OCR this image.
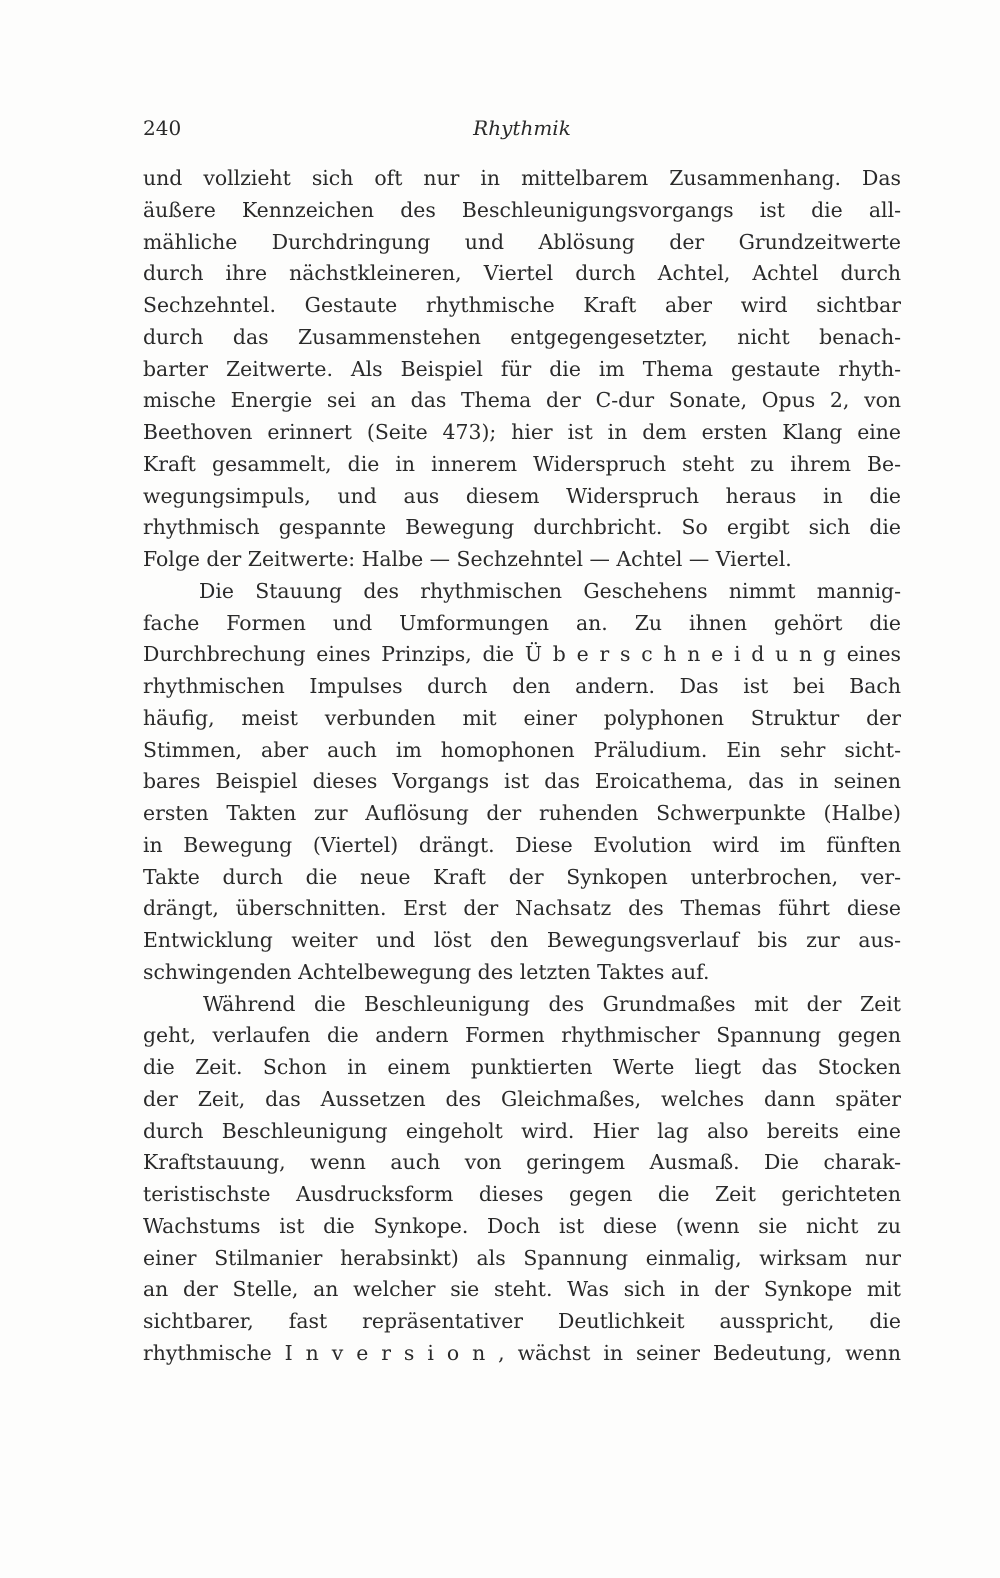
240	Rhythmik
und vollzieht sich oft nur in mittelbarem Zusammenhang. Das
äußere Kennzeichen des Beschleunigungsvorgangs ist die all-
mähliche Durchdringung und Ablösung der Grundzeitwerte
durch ihre nächstkleineren, Viertel durch Achtel, Achtel durch
Sechzehntel. Gestaute rhythmische Kraft aber wird sichtbar
durch das Zusammenstehen entgegengesetzter, nicht benach-
barter Zeitwerte. Als Beispiel für die im Thema gestaute rhyth-
mische Energie sei an das Thema der C-dur Sonate, Opus 2, von
Beethoven erinnert (Seite 473); hier ist in dem ersten Klang eine
Kraft gesammelt, die in innerem Widerspruch steht zu ihrem Be-
wegungsimpuls, und aus diesem Widerspruch heraus in die
rhythmisch gespannte Bewegung durchbricht. So ergibt sich die
Folge der Zeitwerte: Halbe — Sechzehntel — Achtel — Viertel.
Die Stauung des rhythmischen Geschehens nimmt mannig-
fache Formen und Umformungen an. Zu ihnen gehört die
Durchbrechung eines Prinzips, die Ü b e r s c h n e i d u n g eines
rhythmischen Impulses durch den andern. Das ist bei Bach
häufig, meist verbunden mit einer polyphonen Struktur der
Stimmen, aber auch im homophonen Präludium. Ein sehr sicht-
bares Beispiel dieses Vorgangs ist das Eroicathema, das in seinen
ersten Takten zur Auflösung der ruhenden Schwerpunkte (Halbe)
in Bewegung (Viertel) drängt. Diese Evolution wird im fünften
Takte durch die neue Kraft der Synkopen unterbrochen, ver-
drängt, überschnitten. Erst der Nachsatz des Themas führt diese
Entwicklung weiter und löst den Bewegungsverlauf bis zur aus-
schwingenden Achtelbewegung des letzten Taktes auf.
Während die Beschleunigung des Grundmaßes mit der Zeit
geht, verlaufen die andern Formen rhythmischer Spannung gegen
die Zeit. Schon in einem punktierten Werte liegt das Stocken
der Zeit, das Aussetzen des Gleichmaßes, welches dann später
durch Beschleunigung eingeholt wird. Hier lag also bereits eine
Kraftstauung, wenn auch von geringem Ausmaß. Die charak-
teristischste Ausdrucksform dieses gegen die Zeit gerichteten
Wachstums ist die Synkope. Doch ist diese (wenn sie nicht zu
einer Stilmanier herabsinkt) als Spannung einmalig, wirksam nur
an der Stelle, an welcher sie steht. Was sich in der Synkope mit
sichtbarer, fast repräsentativer Deutlichkeit ausspricht, die
rhythmische I n v e r s i o n , wächst in seiner Bedeutung, wenn
